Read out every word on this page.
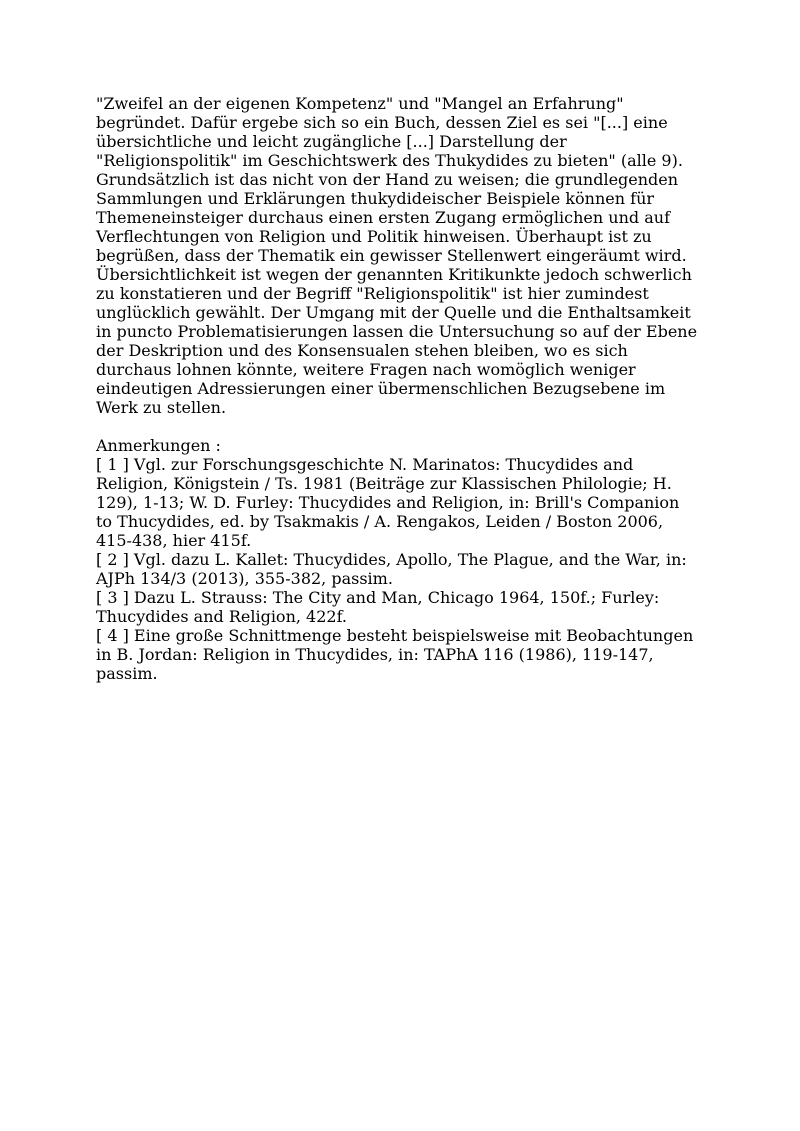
"Zweifel an der eigenen Kompetenz" und "Mangel an Erfahrung"
begründet. Dafür ergebe sich so ein Buch, dessen Ziel es sei "[...] eine
übersichtliche und leicht zugängliche [...] Darstellung der
"Religionspolitik" im Geschichtswerk des Thukydides zu bieten" (alle 9).
Grundsätzlich ist das nicht von der Hand zu weisen; die grundlegenden
Sammlungen und Erklärungen thukydideischer Beispiele können für
Themeneinsteiger durchaus einen ersten Zugang ermöglichen und auf
Verflechtungen von Religion und Politik hinweisen. Überhaupt ist zu
begrüßen, dass der Thematik ein gewisser Stellenwert eingeräumt wird.
Übersichtlichkeit ist wegen der genannten Kritikunkte jedoch schwerlich
zu konstatieren und der Begriff "Religionspolitik" ist hier zumindest
unglücklich gewählt. Der Umgang mit der Quelle und die Enthaltsamkeit
in puncto Problematisierungen lassen die Untersuchung so auf der Ebene
der Deskription und des Konsensualen stehen bleiben, wo es sich
durchaus lohnen könnte, weitere Fragen nach womöglich weniger
eindeutigen Adressierungen einer übermenschlichen Bezugsebene im
Werk zu stellen.
Anmerkungen :
[ 1 ] Vgl. zur Forschungsgeschichte N. Marinatos: Thucydides and
Religion, Königstein / Ts. 1981 (Beiträge zur Klassischen Philologie; H.
129), 1-13; W. D. Furley: Thucydides and Religion, in: Brill's Companion
to Thucydides, ed. by Tsakmakis / A. Rengakos, Leiden / Boston 2006,
415-438, hier 415f.
[ 2 ] Vgl. dazu L. Kallet: Thucydides, Apollo, The Plague, and the War, in:
AJPh 134/3 (2013), 355-382, passim.
[ 3 ] Dazu L. Strauss: The City and Man, Chicago 1964, 150f.; Furley:
Thucydides and Religion, 422f.
[ 4 ] Eine große Schnittmenge besteht beispielsweise mit Beobachtungen
in B. Jordan: Religion in Thucydides, in: TAPhA 116 (1986), 119-147,
passim.
